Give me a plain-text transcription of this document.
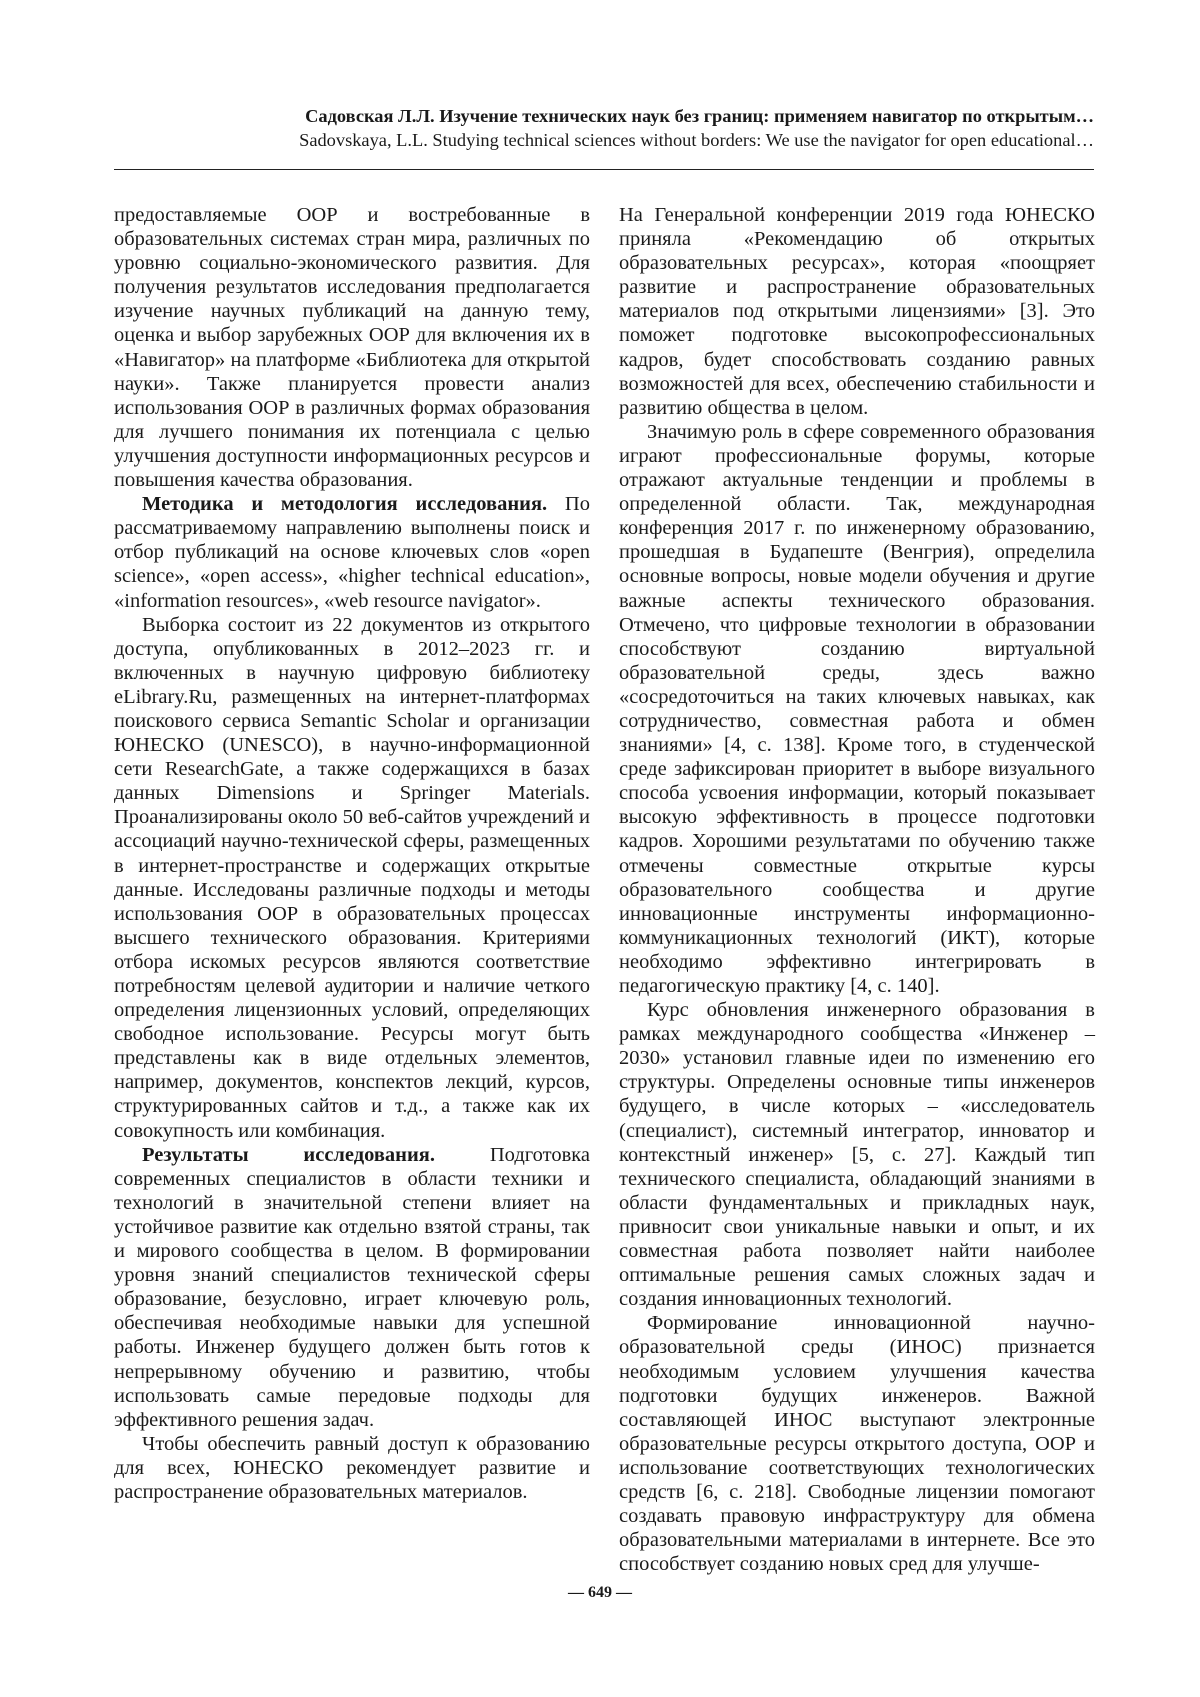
Садовская Л.Л. Изучение технических наук без границ: применяем навигатор по открытым…
Sadovskaya, L.L. Studying technical sciences without borders: We use the navigator for open educational…

предоставляемые ООР и востребованные в образовательных системах стран мира, различных по уровню социально-экономического развития. Для получения результатов исследования предполагается изучение научных публикаций на данную тему, оценка и выбор зарубежных ООР для включения их в «Навигатор» на платформе «Библиотека для открытой науки». Также планируется провести анализ использования ООР в различных формах образования для лучшего понимания их потенциала с целью улучшения доступности информационных ресурсов и повышения качества образования.

Методика и методология исследования. По рассматриваемому направлению выполнены поиск и отбор публикаций на основе ключевых слов «open science», «open access», «higher technical education», «information resources», «web resource navigator».

Выборка состоит из 22 документов из открытого доступа, опубликованных в 2012–2023 гг. и включенных в научную цифровую библиотеку eLibrary.Ru, размещенных на интернет-платформах поискового сервиса Semantic Scholar и организации ЮНЕСКО (UNESCO), в научно-информационной сети ResearchGate, а также содержащихся в базах данных Dimensions и Springer Materials. Проанализированы около 50 веб-сайтов учреждений и ассоциаций научно-технической сферы, размещенных в интернет-пространстве и содержащих открытые данные. Исследованы различные подходы и методы использования ООР в образовательных процессах высшего технического образования. Критериями отбора искомых ресурсов являются соответствие потребностям целевой аудитории и наличие четкого определения лицензионных условий, определяющих свободное использование. Ресурсы могут быть представлены как в виде отдельных элементов, например, документов, конспектов лекций, курсов, структурированных сайтов и т.д., а также как их совокупность или комбинация.

Результаты исследования. Подготовка современных специалистов в области техники и технологий в значительной степени влияет на устойчивое развитие как отдельно взятой страны, так и мирового сообщества в целом. В формировании уровня знаний специалистов технической сферы образование, безусловно, играет ключевую роль, обеспечивая необходимые навыки для успешной работы. Инженер будущего должен быть готов к непрерывному обучению и развитию, чтобы использовать самые передовые подходы для эффективного решения задач.

Чтобы обеспечить равный доступ к образованию для всех, ЮНЕСКО рекомендует развитие и распространение образовательных материалов.

На Генеральной конференции 2019 года ЮНЕСКО приняла «Рекомендацию об открытых образовательных ресурсах», которая «поощряет развитие и распространение образовательных материалов под открытыми лицензиями» [3]. Это поможет подготовке высокопрофессиональных кадров, будет способствовать созданию равных возможностей для всех, обеспечению стабильности и развитию общества в целом.

Значимую роль в сфере современного образования играют профессиональные форумы, которые отражают актуальные тенденции и проблемы в определенной области. Так, международная конференция 2017 г. по инженерному образованию, прошедшая в Будапеште (Венгрия), определила основные вопросы, новые модели обучения и другие важные аспекты технического образования. Отмечено, что цифровые технологии в образовании способствуют созданию виртуальной образовательной среды, здесь важно «сосредоточиться на таких ключевых навыках, как сотрудничество, совместная работа и обмен знаниями» [4, с. 138]. Кроме того, в студенческой среде зафиксирован приоритет в выборе визуального способа усвоения информации, который показывает высокую эффективность в процессе подготовки кадров. Хорошими результатами по обучению также отмечены совместные открытые курсы образовательного сообщества и другие инновационные инструменты информационно-коммуникационных технологий (ИКТ), которые необходимо эффективно интегрировать в педагогическую практику [4, с. 140].

Курс обновления инженерного образования в рамках международного сообщества «Инженер – 2030» установил главные идеи по изменению его структуры. Определены основные типы инженеров будущего, в числе которых – «исследователь (специалист), системный интегратор, инноватор и контекстный инженер» [5, с. 27]. Каждый тип технического специалиста, обладающий знаниями в области фундаментальных и прикладных наук, привносит свои уникальные навыки и опыт, и их совместная работа позволяет найти наиболее оптимальные решения самых сложных задач и создания инновационных технологий.

Формирование инновационной научно-образовательной среды (ИНОС) признается необходимым условием улучшения качества подготовки будущих инженеров. Важной составляющей ИНОС выступают электронные образовательные ресурсы открытого доступа, ООР и использование соответствующих технологических средств [6, с. 218]. Свободные лицензии помогают создавать правовую инфраструктуру для обмена образовательными материалами в интернете. Все это способствует созданию новых сред для улучше-

— 649 —
